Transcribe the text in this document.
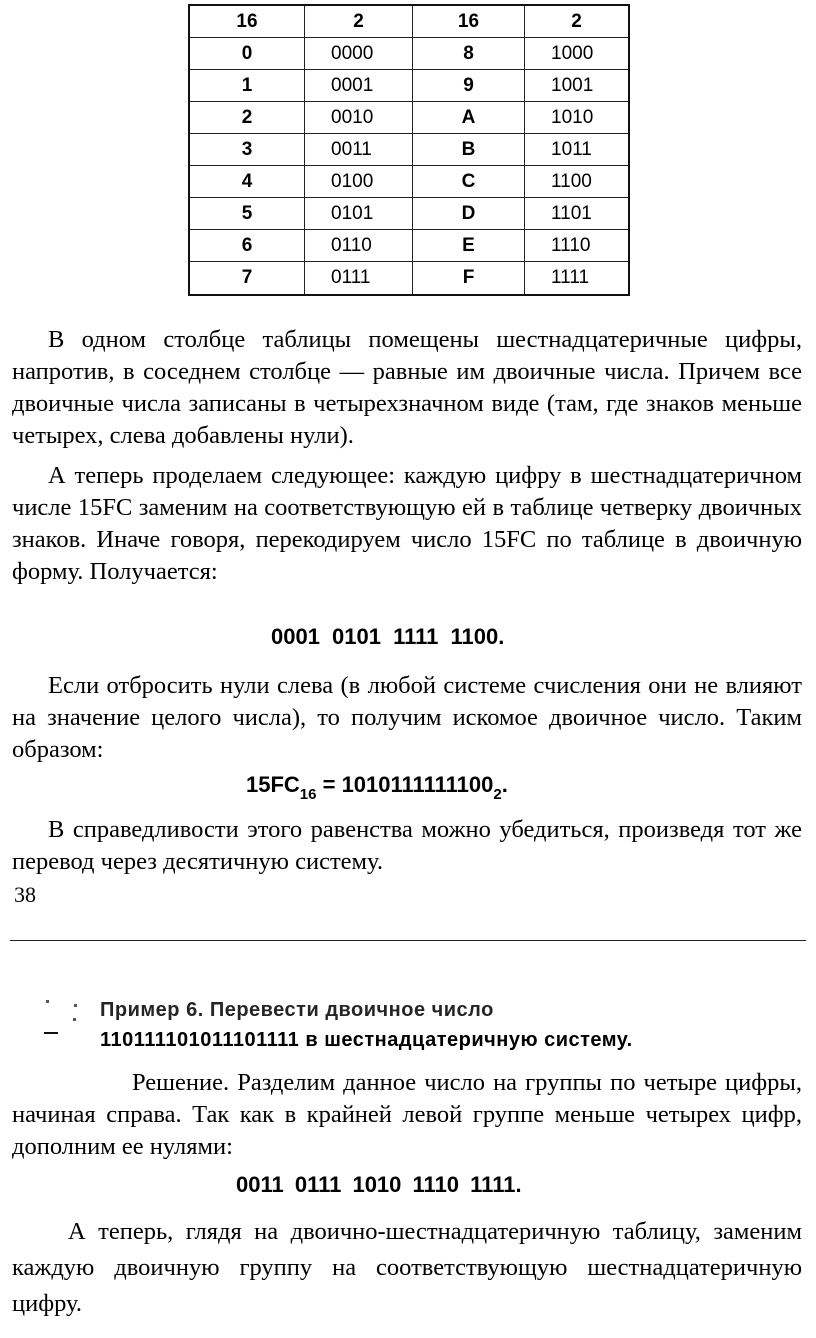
16	2	16	2
0	0000	8	1000
1	0001	9	1001
2	0010	A	1010
3	0011	B	1011
4	0100	C	1100
5	0101	D	1101
6	0110	E	1110
7	0111	F	1111

В одном столбце таблицы помещены шестнадцатеричные цифры, напротив, в соседнем столбце — равные им двоичные числа. Причем все двоичные числа записаны в четырехзначном виде (там, где знаков меньше четырех, слева добавлены нули).

А теперь проделаем следующее: каждую цифру в шестнадцатеричном числе 15FC заменим на соответствующую ей в таблице четверку двоичных знаков. Иначе говоря, перекодируем число 15FC по таблице в двоичную форму. Получается:

0001 0101 1111 1100.

Если отбросить нули слева (в любой системе счисления они не влияют на значение целого числа), то получим искомое двоичное число. Таким образом:

$15FC_{16} = 1010111111100_2$.

В справедливости этого равенства можно убедиться, произведя тот же перевод через десятичную систему.

38
Пример 6. Перевести двоичное число
110111101011101111 в шестнадцатеричную систему.

Решение. Разделим данное число на группы по четыре цифры, начиная справа. Так как в крайней левой группе меньше четырех цифр, дополним ее нулями:

0011 0111 1010 1110 1111.

А теперь, глядя на двоично-шестнадцатеричную таблицу, заменим каждую двоичную группу на соответствующую шестнадцатеричную цифру.
